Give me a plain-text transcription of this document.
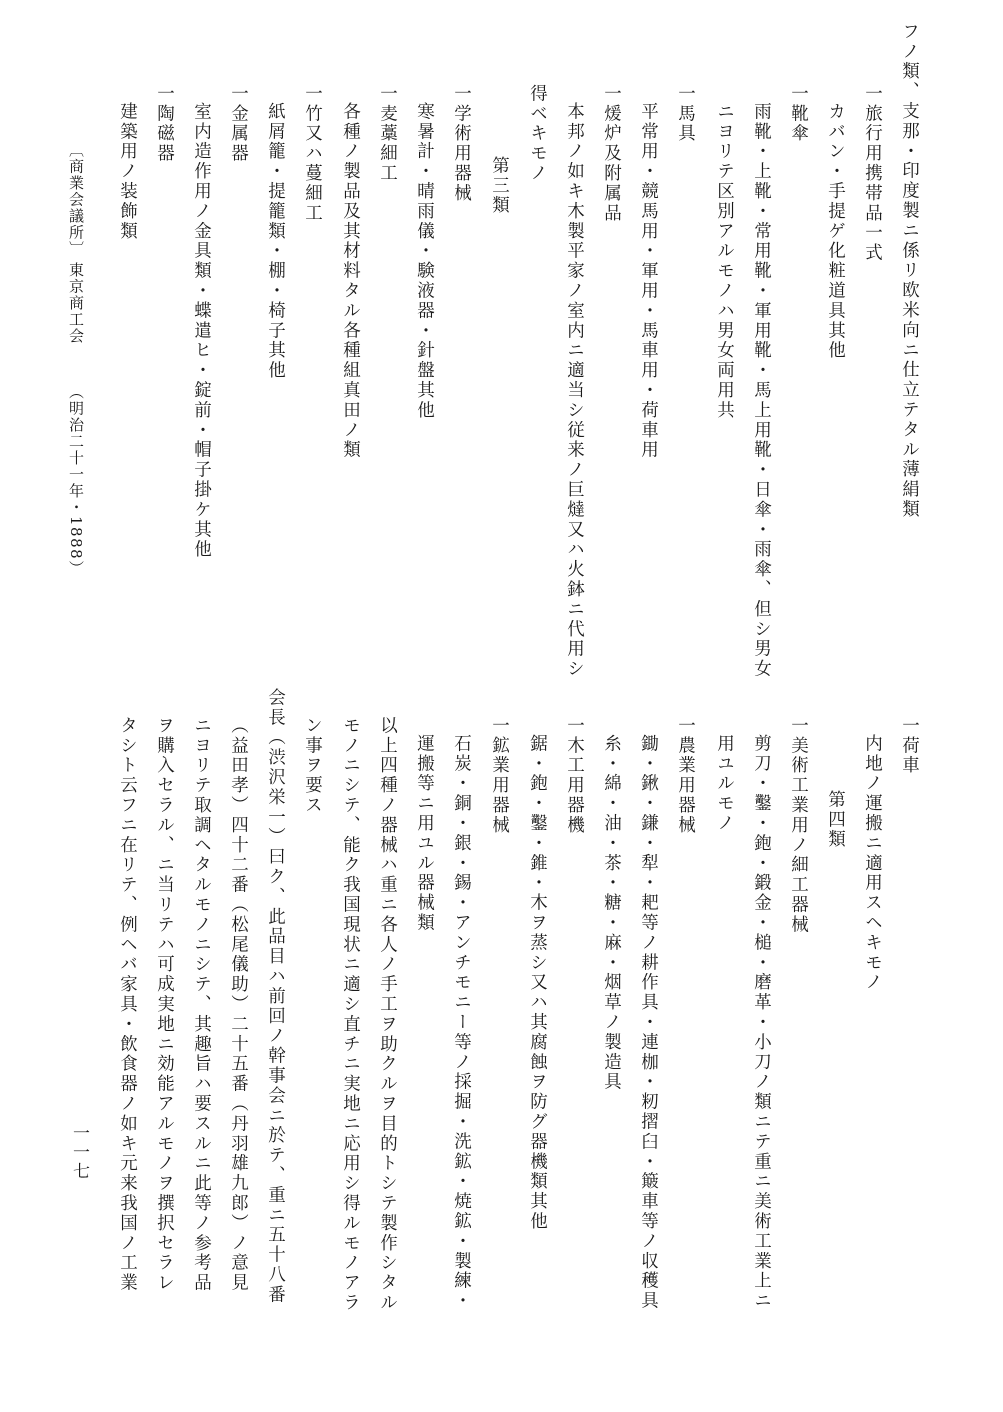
フノ類、支那・印度製ニ係リ欧米向ニ仕立テタル薄絹類
一旅行用携帯品一式
カバン・手提ゲ化粧道具其他
一靴傘
雨靴・上靴・常用靴・軍用靴・馬上用靴・日傘・雨傘、但シ男女
ニヨリテ区別アルモノハ男女両用共
一馬具
平常用・競馬用・軍用・馬車用・荷車用
一煖炉及附属品
本邦ノ如キ木製平家ノ室内ニ適当シ従来ノ巨燵又ハ火鉢ニ代用シ
得ベキモノ
第三類
一学術用器械
寒暑計・晴雨儀・験液器・針盤其他
一麦藁細工
各種ノ製品及其材料タル各種組真田ノ類
一竹又ハ蔓細工
紙屑籠・提籠類・棚・椅子其他
一金属器
室内造作用ノ金具類・蝶遣ヒ・錠前・帽子掛ケ其他
一陶磁器
建築用ノ装飾類
〔商業会議所〕
東京商工会
（明治二十一年・1888）
一荷車
内地ノ運搬ニ適用スヘキモノ
第四類
一美術工業用ノ細工器械
剪刀・鑿・鉋・鍛金・槌・磨革・小刀ノ類ニテ重ニ美術工業上ニ
用ユルモノ
一農業用器械
鋤・鍬・鎌・犁・耙等ノ耕作具・連枷・籾摺臼・簸車等ノ収穫具
糸・綿・油・茶・糖・麻・烟草ノ製造具
一木工用器機
鋸・鉋・鑿・錐・木ヲ蒸シ又ハ其腐蝕ヲ防グ器機類其他
一鉱業用器械
石炭・銅・銀・錫・アンチモニー等ノ採掘・洗鉱・焼鉱・製練・
運搬等ニ用ユル器械類
以上四種ノ器械ハ重ニ各人ノ手工ヲ助クルヲ目的トシテ製作シタル
モノニシテ、能ク我国現状ニ適シ直チニ実地ニ応用シ得ルモノアラ
ン事ヲ要ス
会長（渋沢栄一）曰ク、此品目ハ前回ノ幹事会ニ於テ、重ニ五十八番
（益田孝）四十二番（松尾儀助）二十五番（丹羽雄九郎）ノ意見
ニヨリテ取調ヘタルモノニシテ、其趣旨ハ要スルニ此等ノ参考品
ヲ購入セラル、ニ当リテハ可成実地ニ効能アルモノヲ撰択セラレ
タシト云フニ在リテ、例ヘバ家具・飲食器ノ如キ元来我国ノ工業
一一七
